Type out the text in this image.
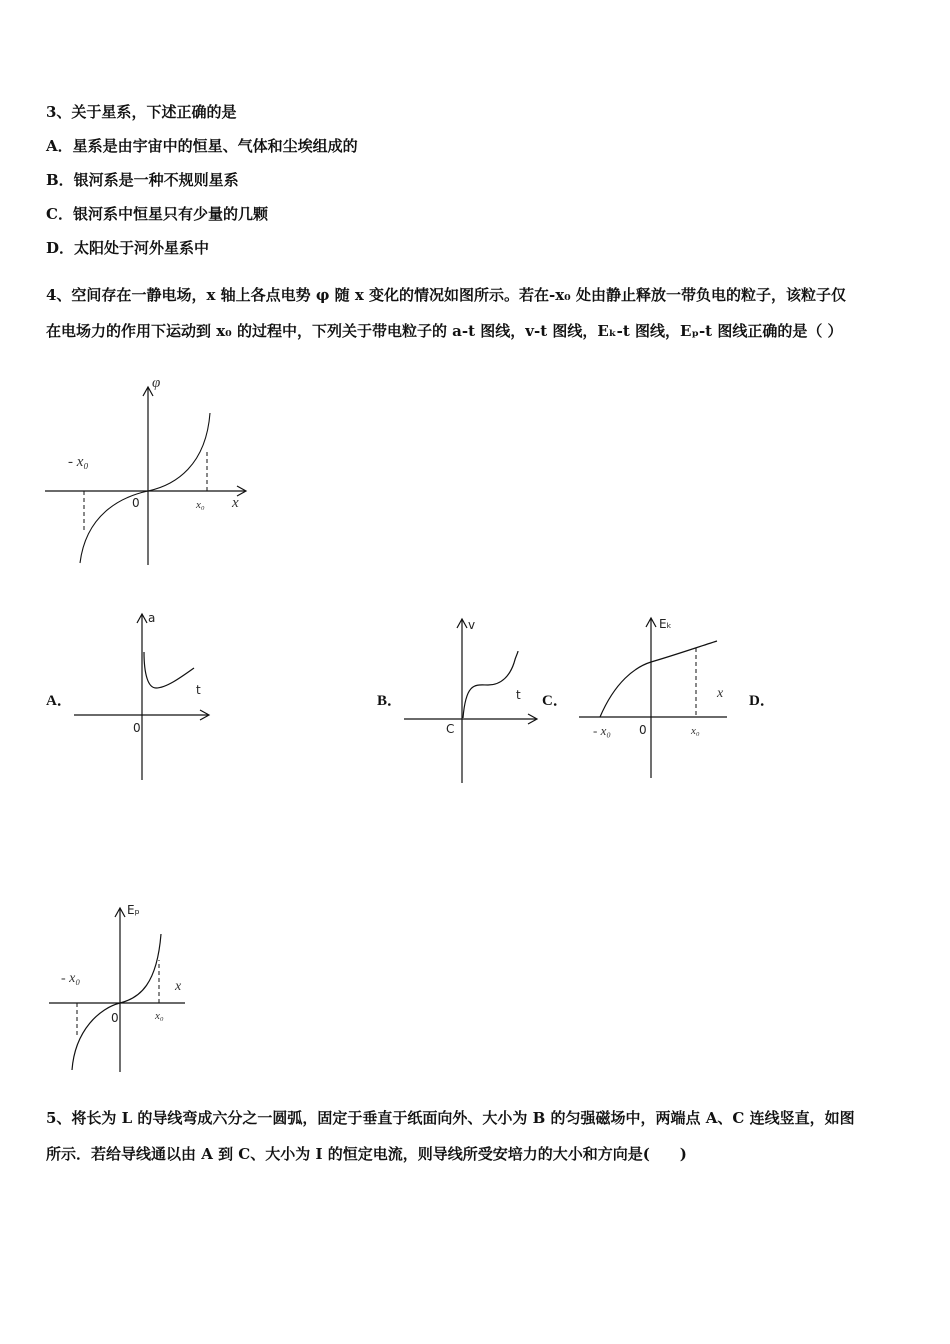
3、关于星系，下述正确的是
A．星系是由宇宙中的恒星、气体和尘埃组成的
B．银河系是一种不规则星系
C．银河系中恒星只有少量的几颗
D．太阳处于河外星系中
4、空间存在一静电场，x 轴上各点电势 φ 随 x 变化的情况如图所示。若在-x₀ 处由静止释放一带负电的粒子，该粒子仅
在电场力的作用下运动到 x₀ 的过程中，下列关于带电粒子的 a-t 图线，v-t 图线，Eₖ-t 图线，Eₚ-t 图线正确的是（ ）
φ
- x₀
0	x₀ x
A．	B．	C．	D．
a
t
0
v
t
C
Eₖ
x
0
- x₀	x₀
Eₚ
x
0
- x₀
x₀
5、将长为 L 的导线弯成六分之一圆弧，固定于垂直于纸面向外、大小为 B 的匀强磁场中，两端点 A、C 连线竖直，如图
所示．若给导线通以由 A 到 C、大小为 I 的恒定电流，则导线所受安培力的大小和方向是(　　)
